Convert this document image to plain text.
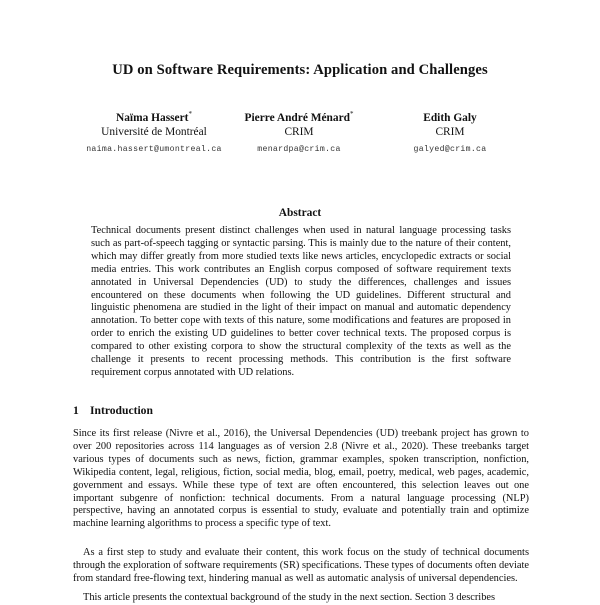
UD on Software Requirements: Application and Challenges
Naïma Hassert*
Université de Montréal
naima.hassert@umontreal.ca
Pierre André Ménard*
CRIM
menardpa@crim.ca
Edith Galy
CRIM
galyed@crim.ca
Abstract
Technical documents present distinct challenges when used in natural language processing tasks such as part-of-speech tagging or syntactic parsing. This is mainly due to the nature of their content, which may differ greatly from more studied texts like news articles, encyclopedic extracts or social media entries. This work contributes an English corpus composed of software requirement texts annotated in Universal Dependencies (UD) to study the differences, challenges and issues encountered on these documents when following the UD guidelines. Different structural and linguistic phenomena are studied in the light of their impact on manual and automatic dependency annotation. To better cope with texts of this nature, some modifications and features are proposed in order to enrich the existing UD guidelines to better cover technical texts. The proposed corpus is compared to other existing corpora to show the structural complexity of the texts as well as the challenge it presents to recent processing methods. This contribution is the first software requirement corpus annotated with UD relations.
1 Introduction

Since its first release (Nivre et al., 2016), the Universal Dependencies (UD) treebank project has grown to over 200 repositories across 114 languages as of version 2.8 (Nivre et al., 2020). These treebanks target various types of documents such as news, fiction, grammar examples, spoken transcription, nonfiction, Wikipedia content, legal, religious, fiction, social media, blog, email, poetry, medical, web pages, academic, government and essays. While these type of text are often encountered, this selection leaves out one important subgenre of nonfiction: technical documents. From a natural language processing (NLP) perspective, having an annotated corpus is essential to study, evaluate and potentially train and optimize machine learning algorithms to process a specific type of text.

As a first step to study and evaluate their content, this work focus on the study of technical documents through the exploration of software requirements (SR) specifications. These types of documents often deviate from standard free-flowing text, hindering manual as well as automatic analysis of universal dependencies.

This article presents the contextual background of the study in the next section. Section 3 describes
